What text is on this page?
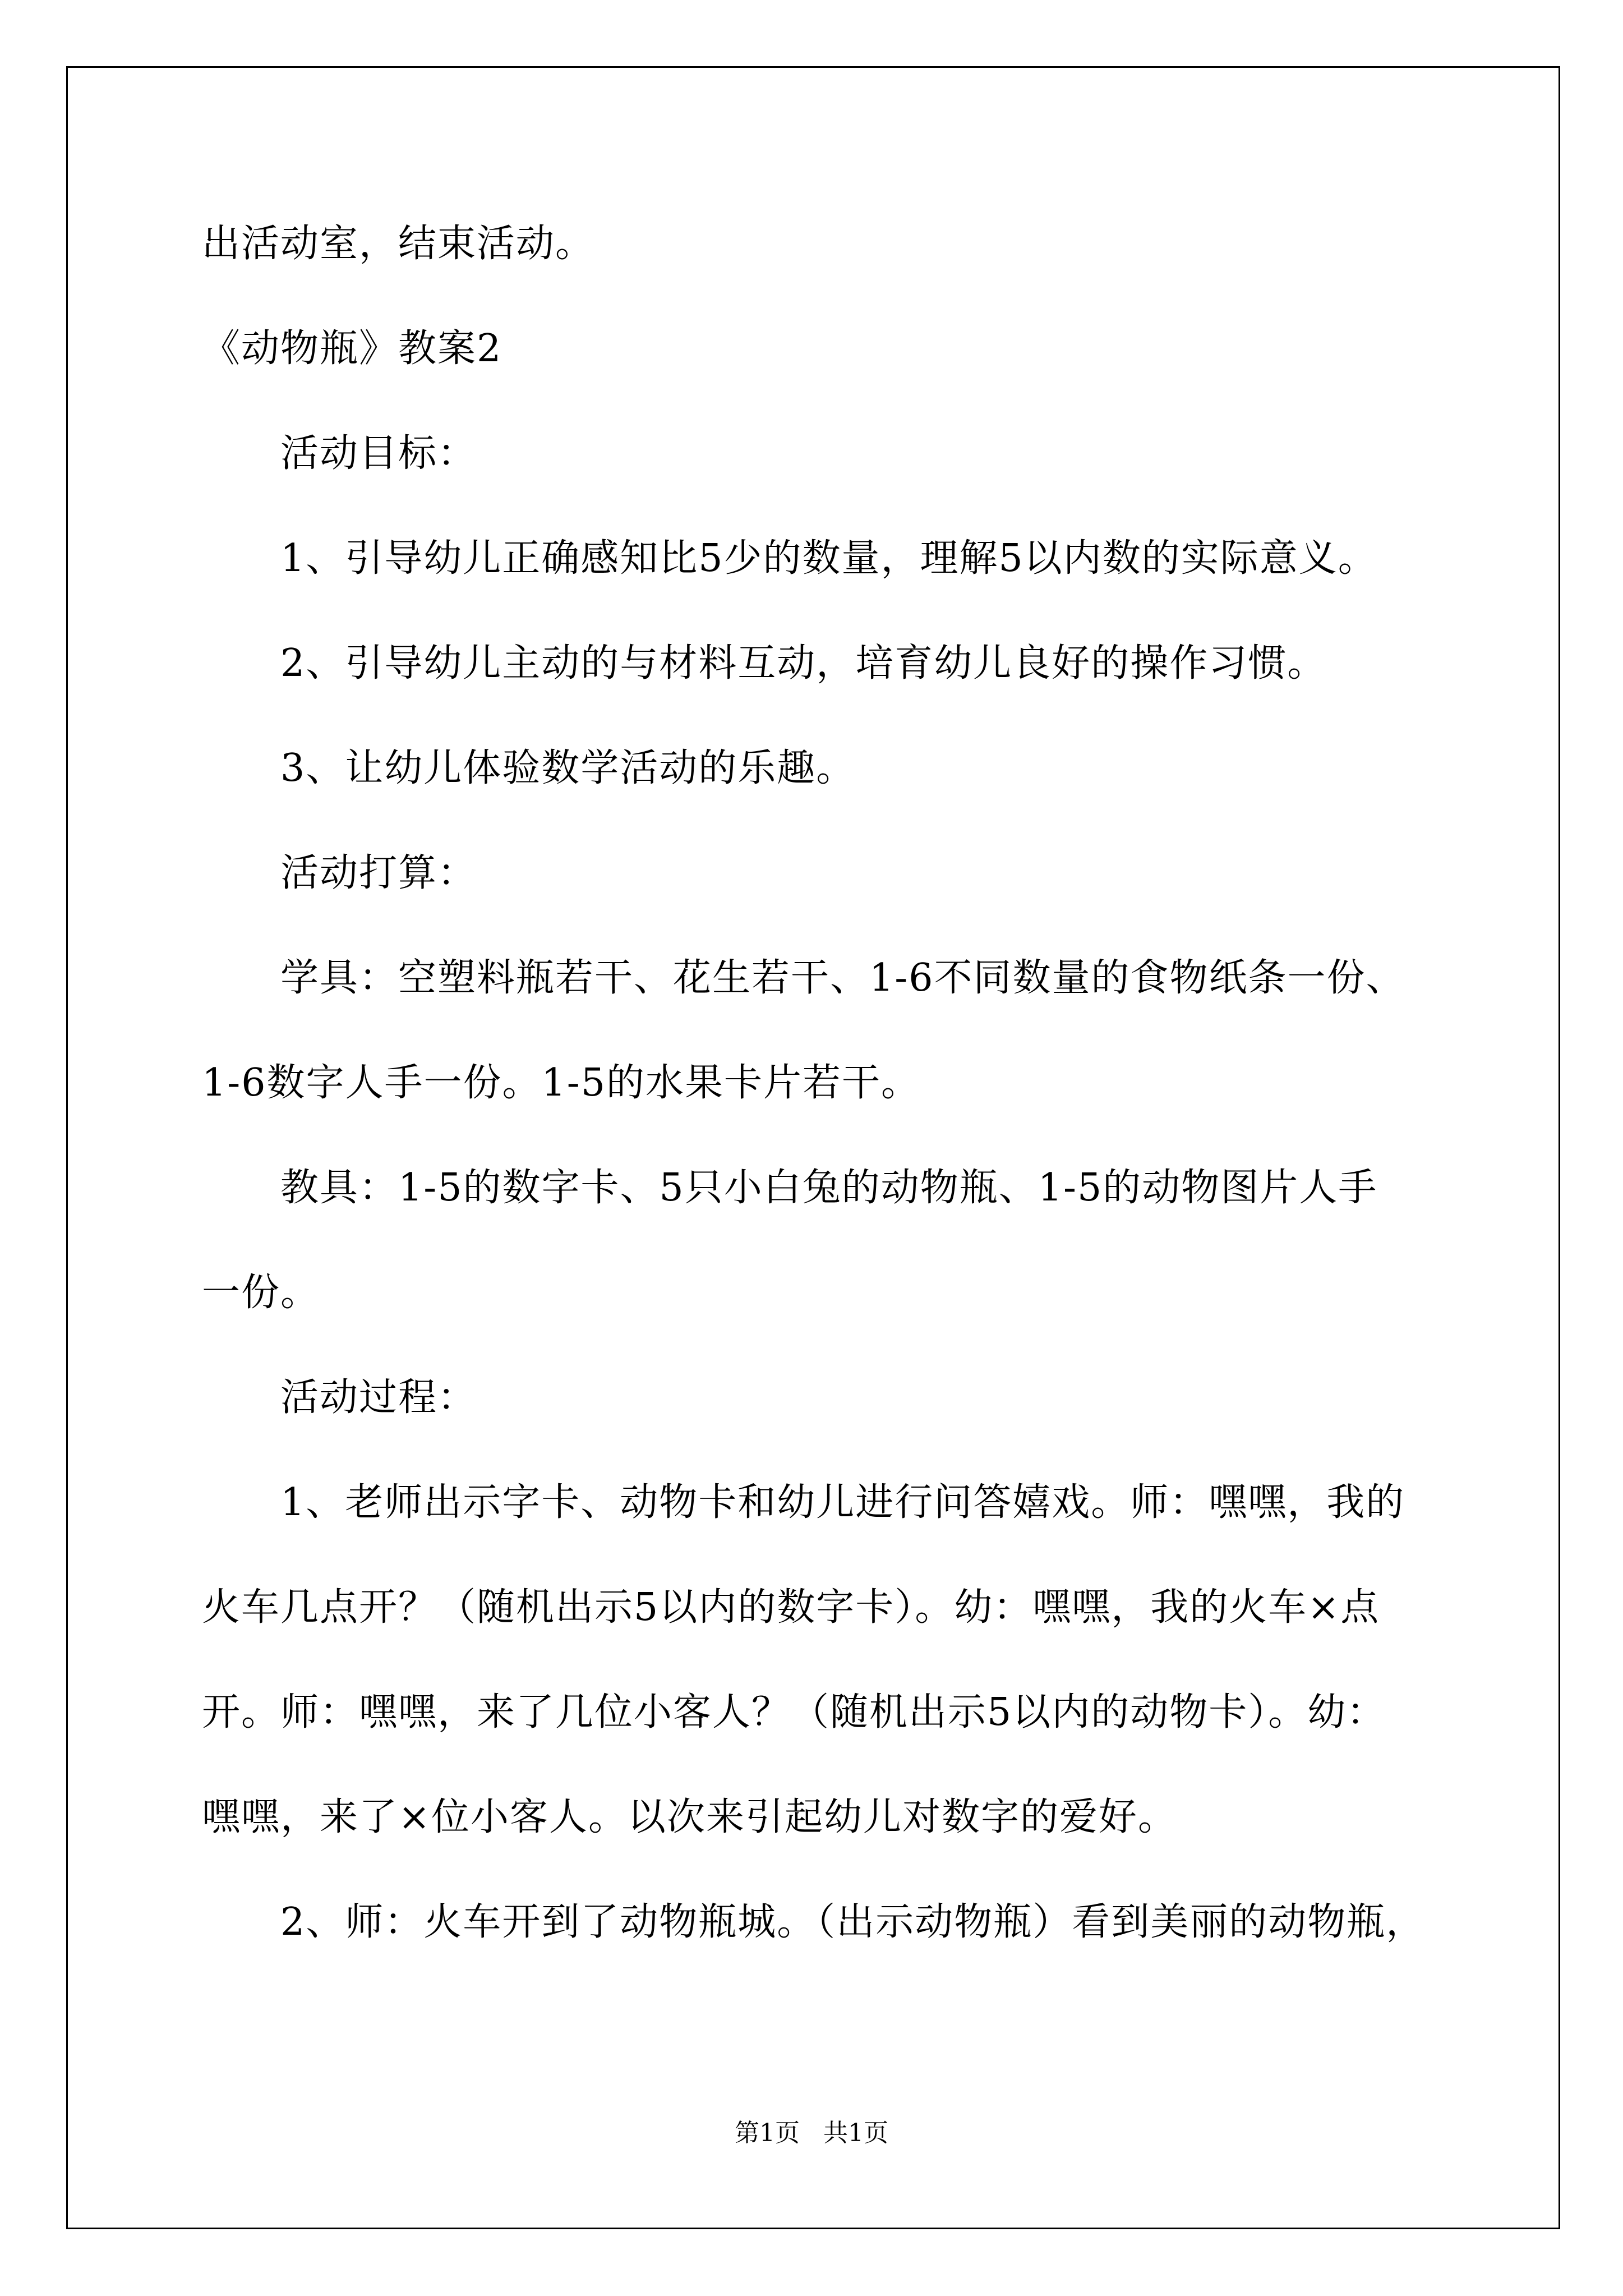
出活动室，结束活动。
《动物瓶》教案2
活动目标：
1、引导幼儿正确感知比5少的数量，理解5以内数的实际意义。
2、引导幼儿主动的与材料互动，培育幼儿良好的操作习惯。
3、让幼儿体验数学活动的乐趣。
活动打算：
学具：空塑料瓶若干、花生若干、1-6不同数量的食物纸条一份、
1-6数字人手一份。1-5的水果卡片若干。
教具：1-5的数字卡、5只小白兔的动物瓶、1-5的动物图片人手
一份。
活动过程：
1、老师出示字卡、动物卡和幼儿进行问答嬉戏。师：嘿嘿，我的
火车几点开？（随机出示5以内的数字卡）。幼：嘿嘿，我的火车×点
开。师：嘿嘿，来了几位小客人？（随机出示5以内的动物卡）。幼：
嘿嘿，来了×位小客人。以次来引起幼儿对数字的爱好。
2、师：火车开到了动物瓶城。（出示动物瓶）看到美丽的动物瓶，
第1页   共1页
